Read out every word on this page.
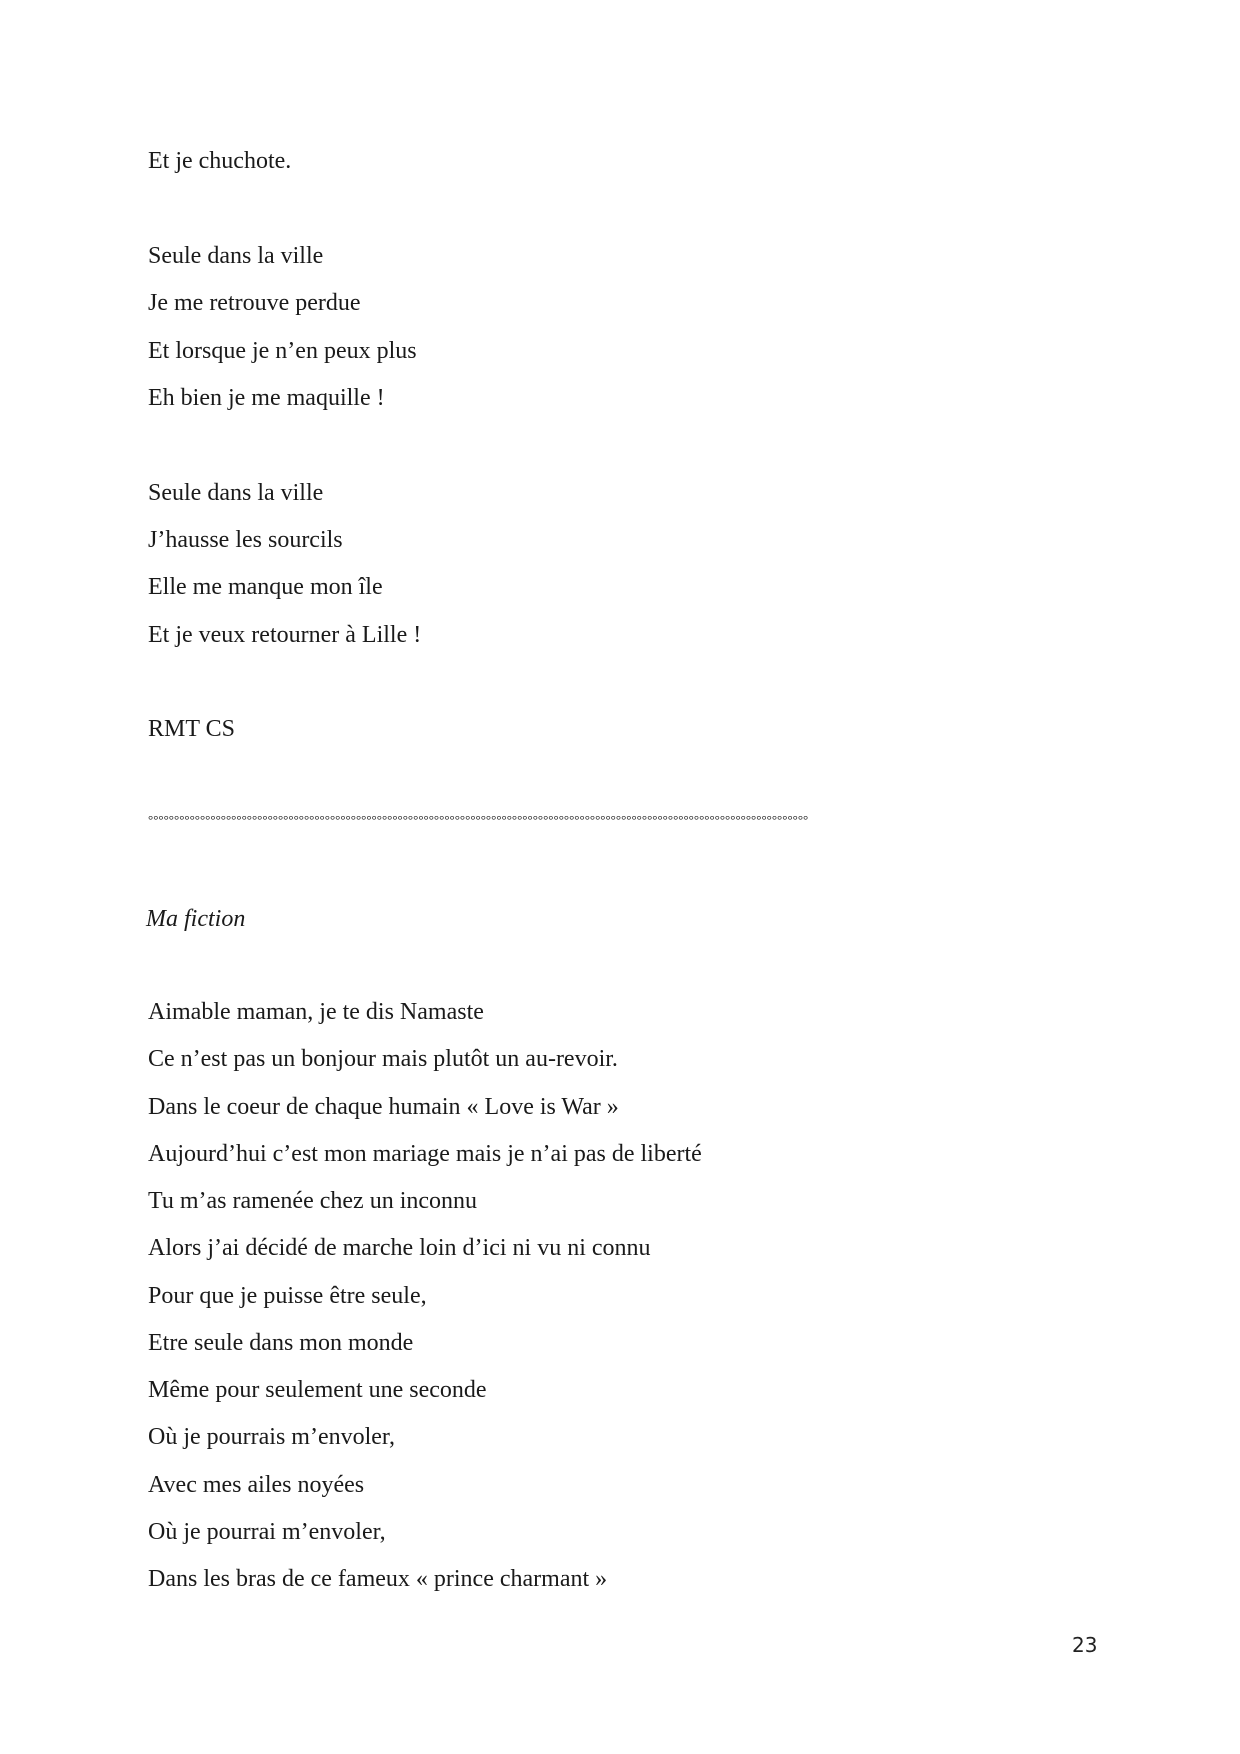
Et je chuchote.
Seule dans la ville
Je me retrouve perdue
Et lorsque je n’en peux plus
Eh bien je me maquille !
Seule dans la ville
J’hausse les sourcils
Elle me manque mon île
Et je veux retourner à Lille !
RMT CS
°°°°°°°°°°°°°°°°°°°°°°°°°°°°°°°°°°°°°°°°°°°°°°°°°°°°°°°°°°°°°°°°°°°°°°°°°°°°°°°°°°°°°°°°°°°°°°°°°°°°°°°°°°°°°°°°°°°°°°°°°°°°°°°
Ma fiction
Aimable maman, je te dis Namaste
Ce n’est pas un bonjour mais plutôt un au-revoir.
Dans le coeur de chaque humain « Love is War »
Aujourd’hui c’est mon mariage mais je n’ai pas de liberté
Tu m’as ramenée chez un inconnu
Alors j’ai décidé de marche loin d’ici ni vu ni connu
Pour que je puisse être seule,
Etre seule dans mon monde
Même pour seulement une seconde
Où je pourrais m’envoler,
Avec mes ailes noyées
Où je pourrai m’envoler,
Dans les bras de ce fameux « prince charmant »
23
